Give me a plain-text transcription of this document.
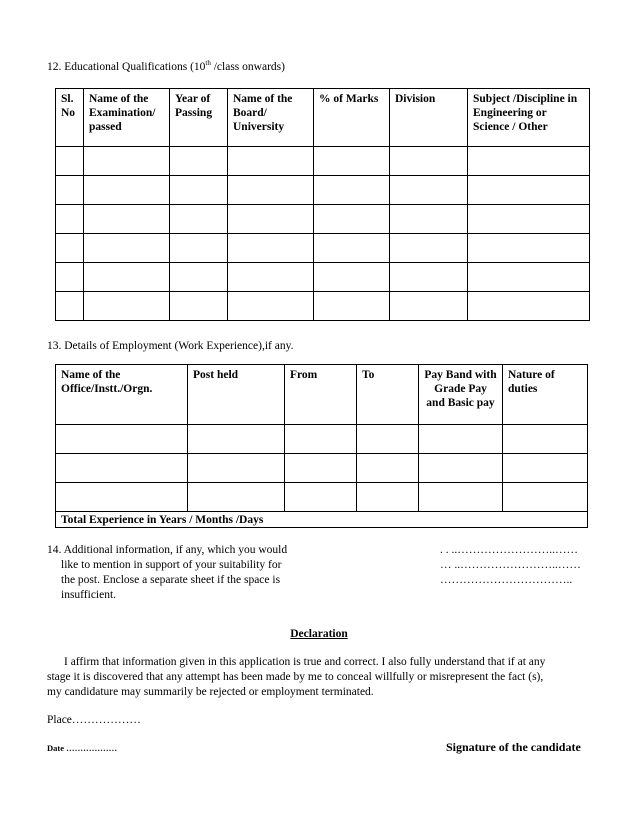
12. Educational Qualifications (10th /class onwards)
Sl. No	Name of the Examination/ passed	Year of Passing	Name of the Board/ University	% of Marks	Division	Subject /Discipline in Engineering or Science / Other

13. Details of Employment (Work Experience),if any.
Name of the Office/Instt./Orgn.	Post held	From	To	Pay Band with Grade Pay and Basic pay	Nature of duties

Total Experience in Years / Months /Days					
14. Additional information, if any, which you would
like to mention in support of your suitability for
the post. Enclose a separate sheet if the space is
insufficient.
. . ..……………………..……
… ..……………………..……
……………………………..
Declaration
I affirm that information given in this application is true and correct. I also fully understand that if at any
stage it is discovered that any attempt has been made by me to conceal willfully or misrepresent the fact (s),
my candidature may summarily be rejected or employment terminated.
Place………………
Date ………………	Signature of the candidate
